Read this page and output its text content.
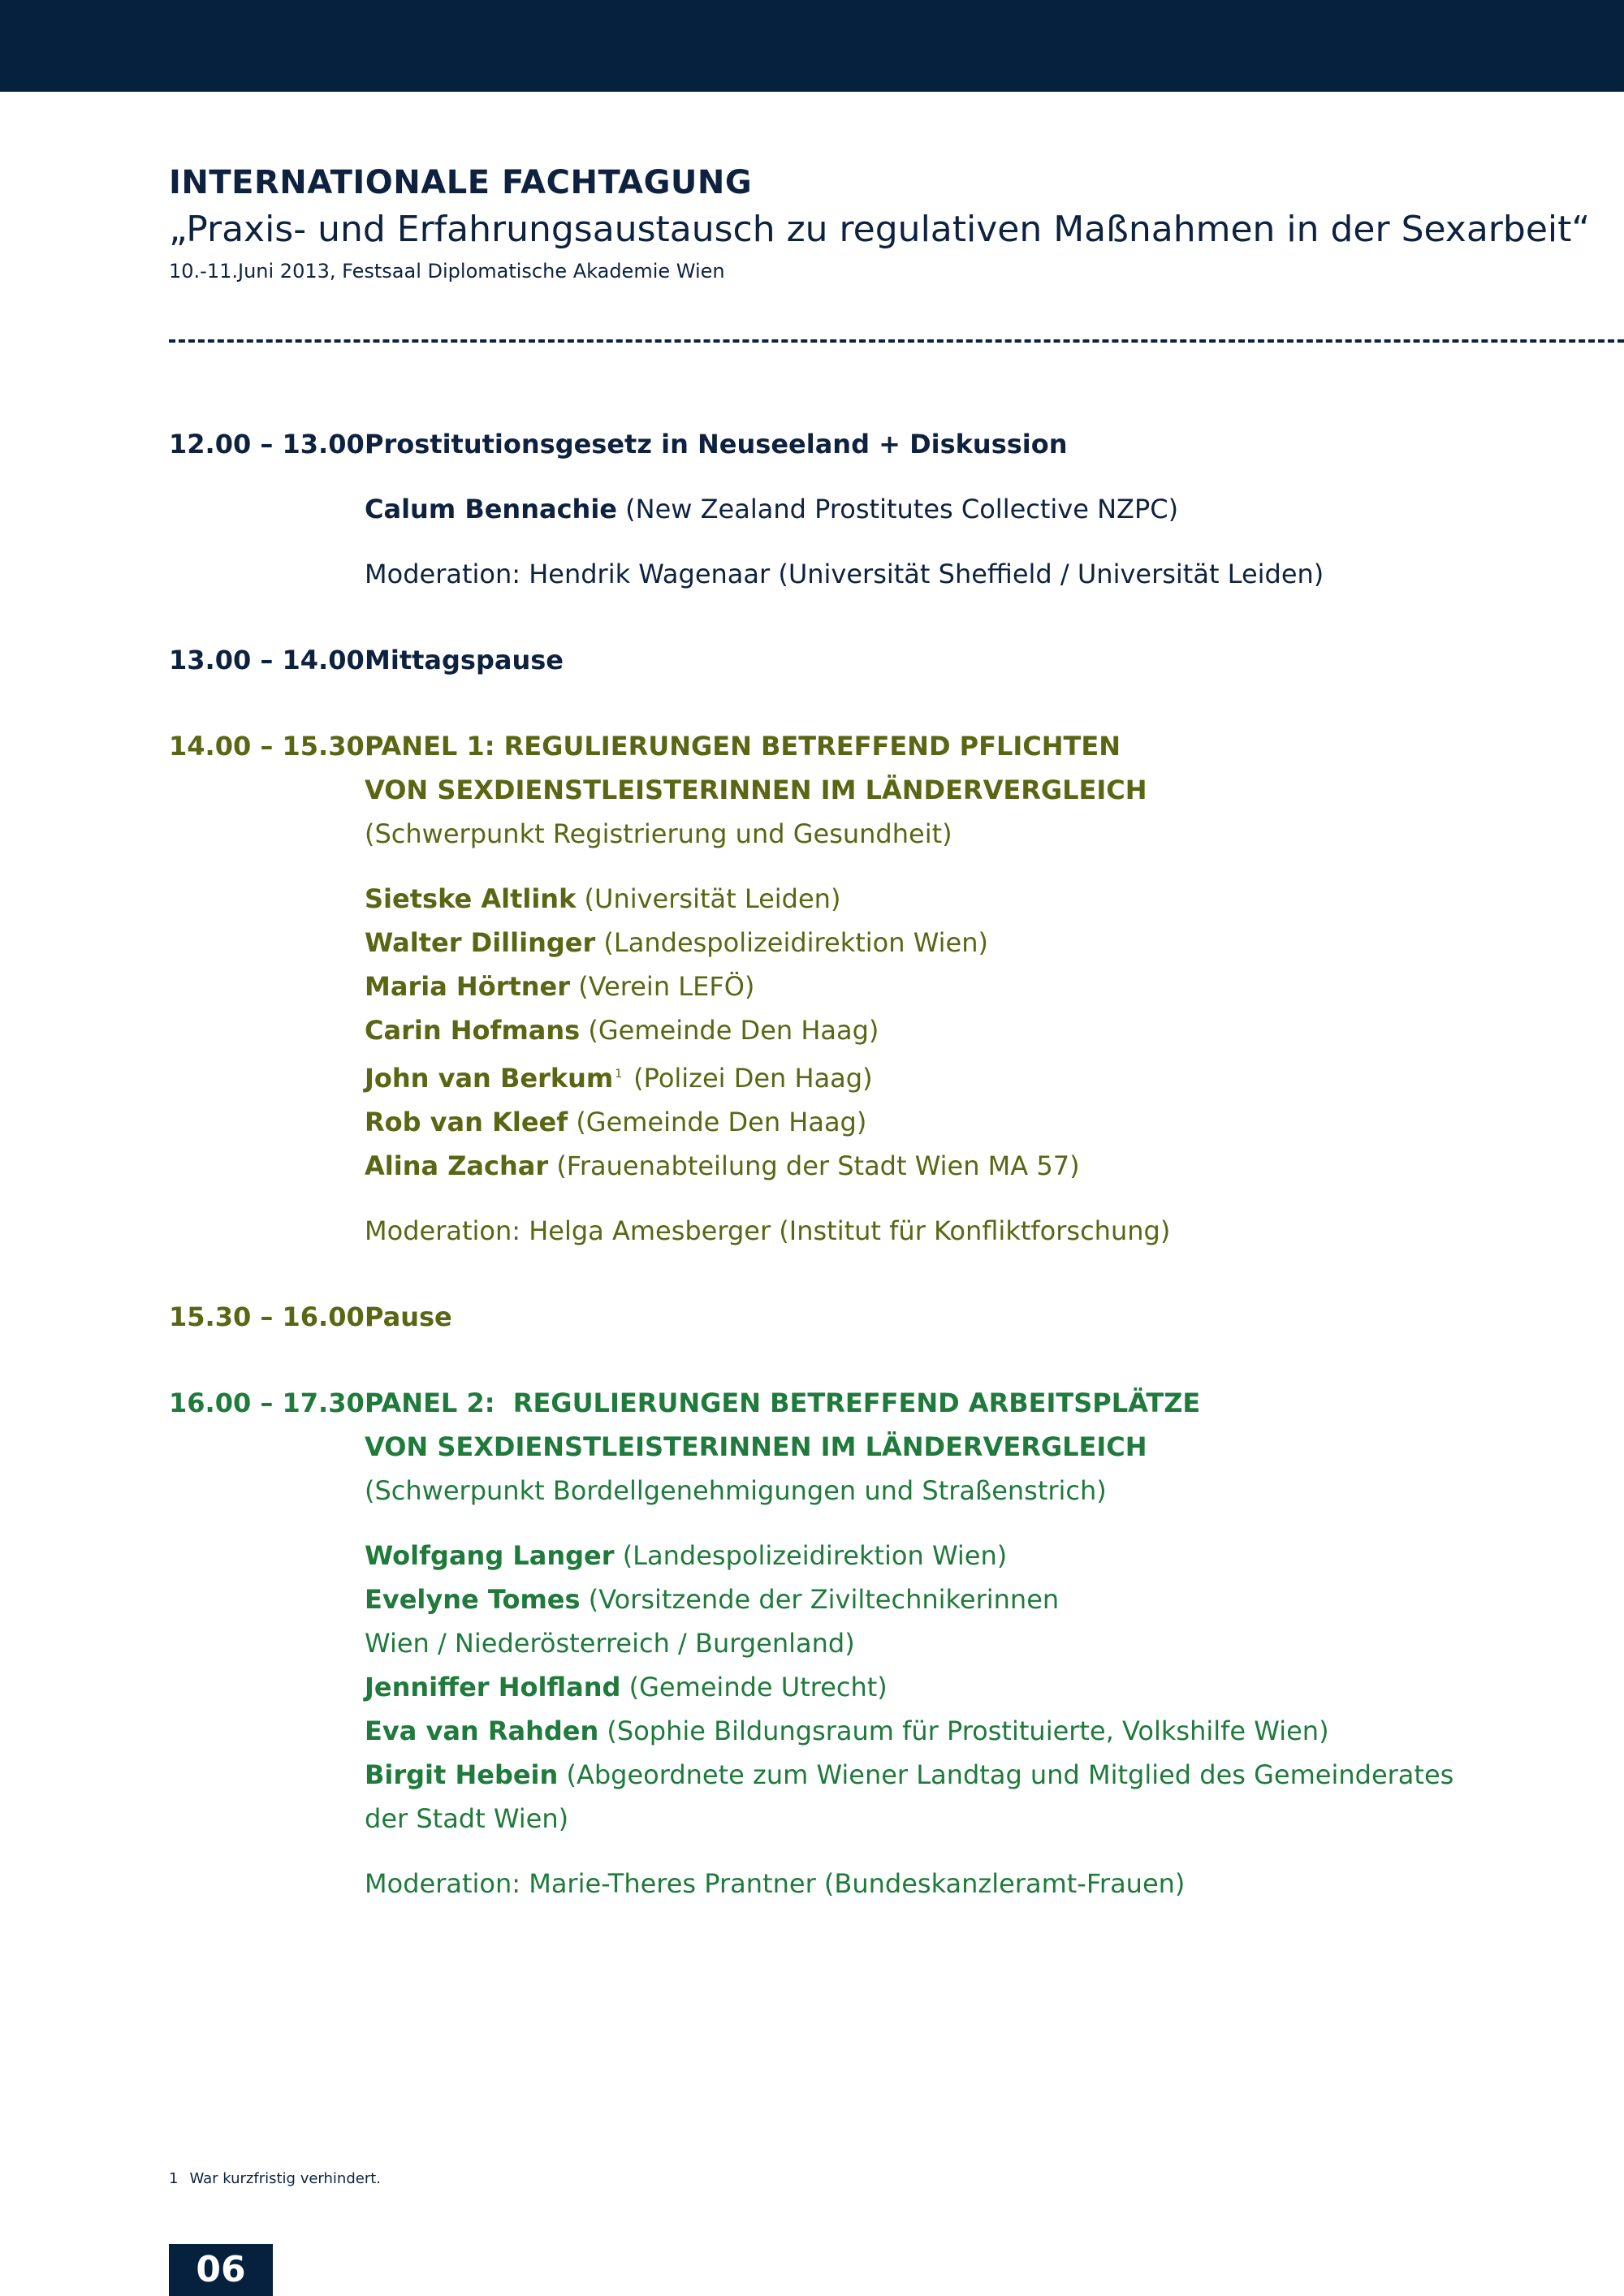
INTERNATIONALE FACHTAGUNG
„Praxis- und Erfahrungsaustausch zu regulativen Maßnahmen in der Sexarbeit“
10.-11.Juni 2013, Festsaal Diplomatische Akademie Wien
12.00 – 13.00 Prostitutionsgesetz in Neuseeland + Diskussion
Calum Bennachie (New Zealand Prostitutes Collective NZPC)
Moderation: Hendrik Wagenaar (Universität Sheffield / Universität Leiden)
13.00 – 14.00 Mittagspause
14.00 – 15.30 PANEL 1: REGULIERUNGEN BETREFFEND PFLICHTEN
VON SEXDIENSTLEISTERINNEN IM LÄNDERVERGLEICH
(Schwerpunkt Registrierung und Gesundheit)
Sietske Altlink (Universität Leiden)
Walter Dillinger (Landespolizeidirektion Wien)
Maria Hörtner (Verein LEFÖ)
Carin Hofmans (Gemeinde Den Haag)
John van Berkum $^1$ (Polizei Den Haag)
Rob van Kleef (Gemeinde Den Haag)
Alina Zachar (Frauenabteilung der Stadt Wien MA 57)
Moderation: Helga Amesberger (Institut für Konfliktforschung)
15.30 – 16.00 Pause
16.00 – 17.30 PANEL 2:  REGULIERUNGEN BETREFFEND ARBEITSPLÄTZE
VON SEXDIENSTLEISTERINNEN IM LÄNDERVERGLEICH
(Schwerpunkt Bordellgenehmigungen und Straßenstrich)
Wolfgang Langer (Landespolizeidirektion Wien)
Evelyne Tomes (Vorsitzende der Ziviltechnikerinnen
Wien / Niederösterreich / Burgenland)
Jenniffer Holfland (Gemeinde Utrecht)
Eva van Rahden (Sophie Bildungsraum für Prostituierte, Volkshilfe Wien)
Birgit Hebein (Abgeordnete zum Wiener Landtag und Mitglied des Gemeinderates
der Stadt Wien)
Moderation: Marie-Theres Prantner (Bundeskanzleramt-Frauen)
1 War kurzfristig verhindert.
06
